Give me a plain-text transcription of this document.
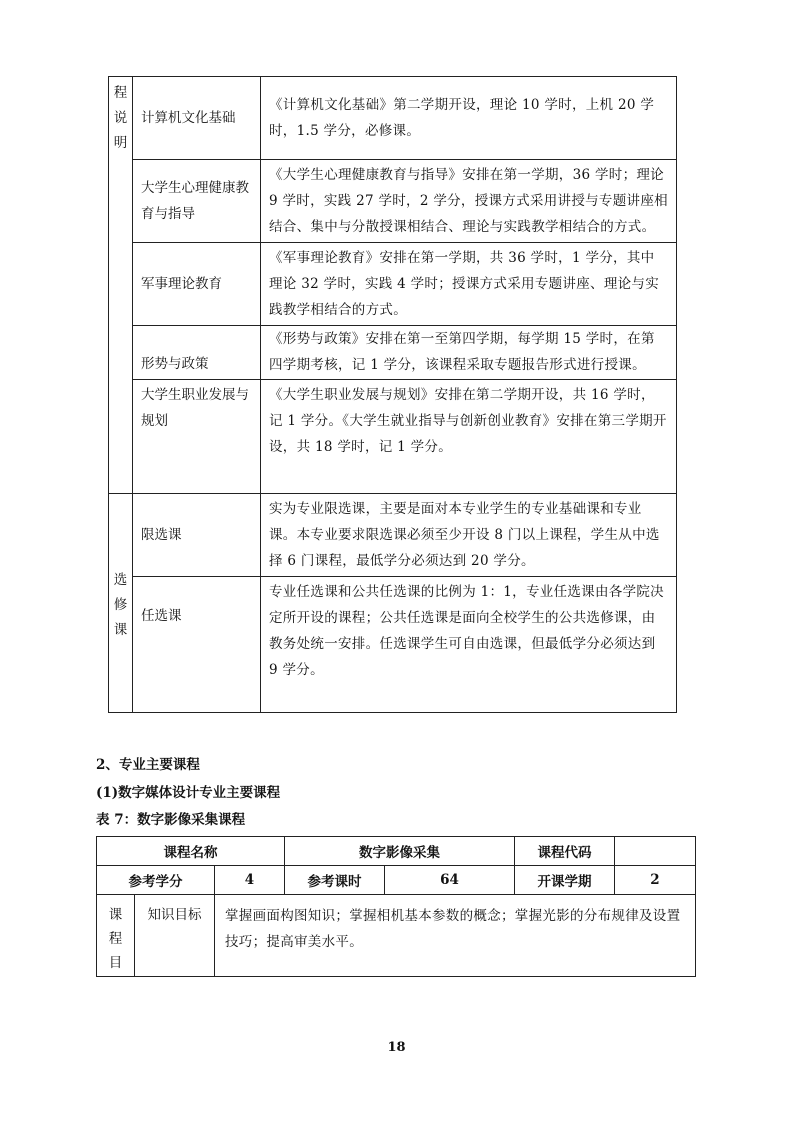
程
说
明	计算机文化基础	《计算机文化基础》第二学期开设，理论 10 学时，上机 20 学时，1.5 学分，必修课。
	大学生心理健康教育与指导	《大学生心理健康教育与指导》安排在第一学期，36 学时；理论 9 学时，实践 27 学时，2 学分，授课方式采用讲授与专题讲座相结合、集中与分散授课相结合、理论与实践教学相结合的方式。
	军事理论教育	《军事理论教育》安排在第一学期，共 36 学时，1 学分，其中理论 32 学时，实践 4 学时；授课方式采用专题讲座、理论与实践教学相结合的方式。
	形势与政策	《形势与政策》安排在第一至第四学期，每学期 15 学时，在第四学期考核，记 1 学分，该课程采取专题报告形式进行授课。
	大学生职业发展与规划	《大学生职业发展与规划》安排在第二学期开设，共 16 学时，记 1 学分。《大学生就业指导与创新创业教育》安排在第三学期开设，共 18 学时，记 1 学分。

选
修
课	限选课	实为专业限选课，主要是面对本专业学生的专业基础课和专业课。本专业要求限选课必须至少开设 8 门以上课程，学生从中选择 6 门课程，最低学分必须达到 20 学分。
	任选课	专业任选课和公共任选课的比例为 1：1，专业任选课由各学院决定所开设的课程；公共任选课是面向全校学生的公共选修课，由教务处统一安排。任选课学生可自由选课，但最低学分必须达到 9 学分。
2、专业主要课程
(1)数字媒体设计专业主要课程
表 7：数字影像采集课程
课程名称			数字影像采集		课程代码	
参考学分		4	参考课时	64	开课学期	2

课
程
目	知识目标	掌握画面构图知识；掌握相机基本参数的概念；掌握光影的分布规律及设置技巧；提高审美水平。				
18
